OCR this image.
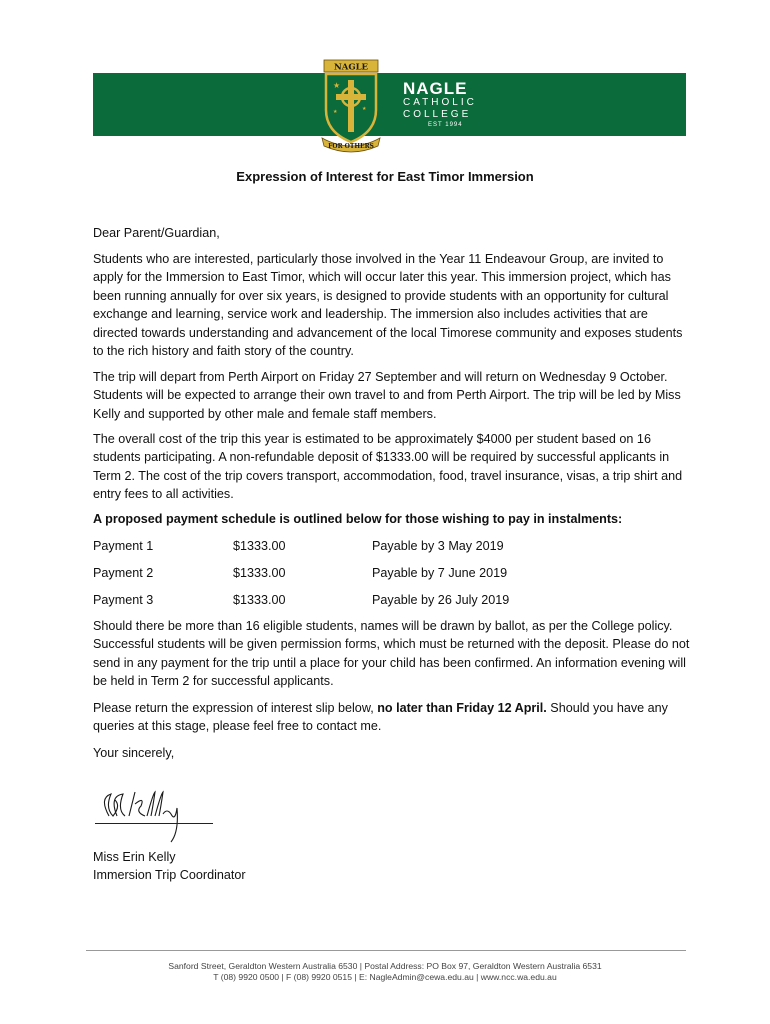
NAGLE
★
★
★
FOR OTHERS
NAGLE
CATHOLIC
COLLEGE
EST 1994
Expression of Interest for East Timor Immersion
Dear Parent/Guardian,
Students who are interested, particularly those involved in the Year 11 Endeavour Group, are invited to apply for the Immersion to East Timor, which will occur later this year. This immersion project, which has been running annually for over six years, is designed to provide students with an opportunity for cultural exchange and learning, service work and leadership. The immersion also includes activities that are directed towards understanding and advancement of the local Timorese community and exposes students to the rich history and faith story of the country.
The trip will depart from Perth Airport on Friday 27 September and will return on Wednesday 9 October. Students will be expected to arrange their own travel to and from Perth Airport. The trip will be led by Miss Kelly and supported by other male and female staff members.
The overall cost of the trip this year is estimated to be approximately $4000 per student based on 16 students participating. A non-refundable deposit of $1333.00 will be required by successful applicants in Term 2. The cost of the trip covers transport, accommodation, food, travel insurance, visas, a trip shirt and entry fees to all activities.
A proposed payment schedule is outlined below for those wishing to pay in instalments:
Payment 1	$1333.00	Payable by 3 May 2019
Payment 2	$1333.00	Payable by 7 June 2019
Payment 3	$1333.00	Payable by 26 July 2019
Should there be more than 16 eligible students, names will be drawn by ballot, as per the College policy. Successful students will be given permission forms, which must be returned with the deposit. Please do not send in any payment for the trip until a place for your child has been confirmed. An information evening will be held in Term 2 for successful applicants.
Please return the expression of interest slip below, no later than Friday 12 April. Should you have any queries at this stage, please feel free to contact me.
Your sincerely,
Miss Erin Kelly
Immersion Trip Coordinator
Sanford Street, Geraldton Western Australia 6530 | Postal Address: PO Box 97, Geraldton Western Australia 6531
T (08) 9920 0500 | F (08) 9920 0515 | E: NagleAdmin@cewa.edu.au | www.ncc.wa.edu.au
